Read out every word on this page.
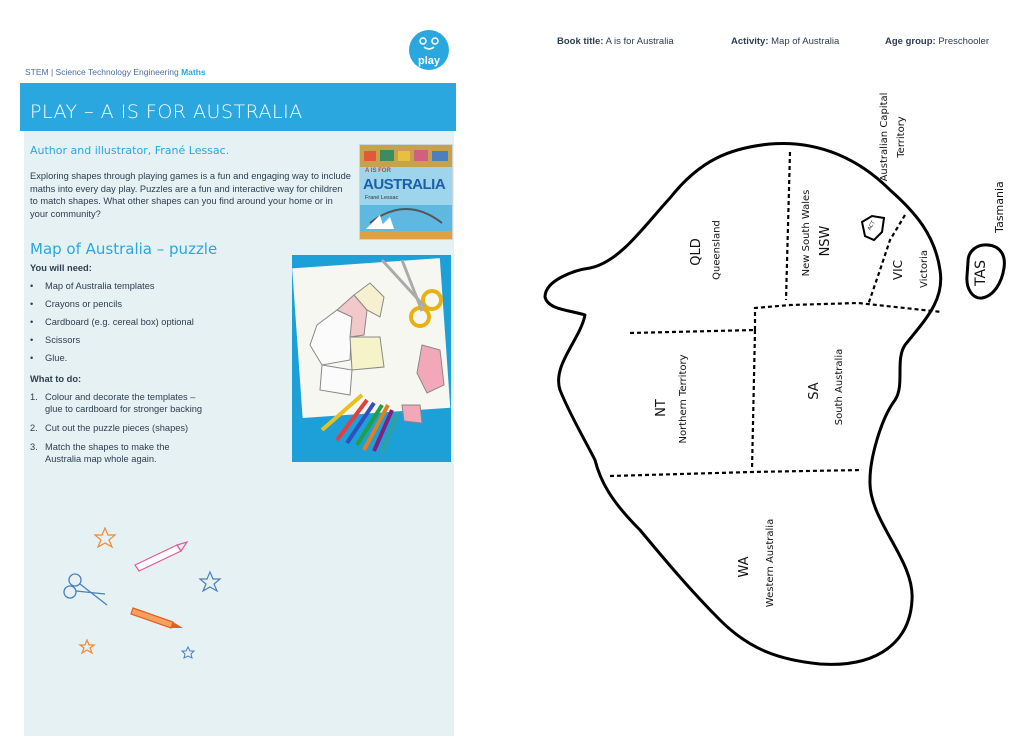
STEM | Science Technology Engineering Maths
play
PLAY – A IS FOR AUSTRALIA
Author and illustrator, Frané Lessac.
Exploring shapes through playing games is a fun and engaging way to include maths into every day play. Puzzles are a fun and interactive way for children to match shapes. What other shapes can you find around your home or in your community?
A IS FOR
AUSTRALIA
Frané Lessac
Map of Australia – puzzle
You will need:
• Map of Australia templates
• Crayons or pencils
• Cardboard (e.g. cereal box) optional
• Scissors
• Glue.
What to do:
1. Colour and decorate the templates –
glue to cardboard for stronger backing
2. Cut out the puzzle pieces (shapes)
3. Match the shapes to make the
Australia map whole again.
Book title: A is for Australia	Activity: Map of Australia	Age group: Preschooler
QLD Queensland	New South Wales NSW
Australian Capital Territory
ACT
VIC	Victoria	TAS
Tasmania
NT Northern Territory	SA	South Australia
WA	Western Australia
